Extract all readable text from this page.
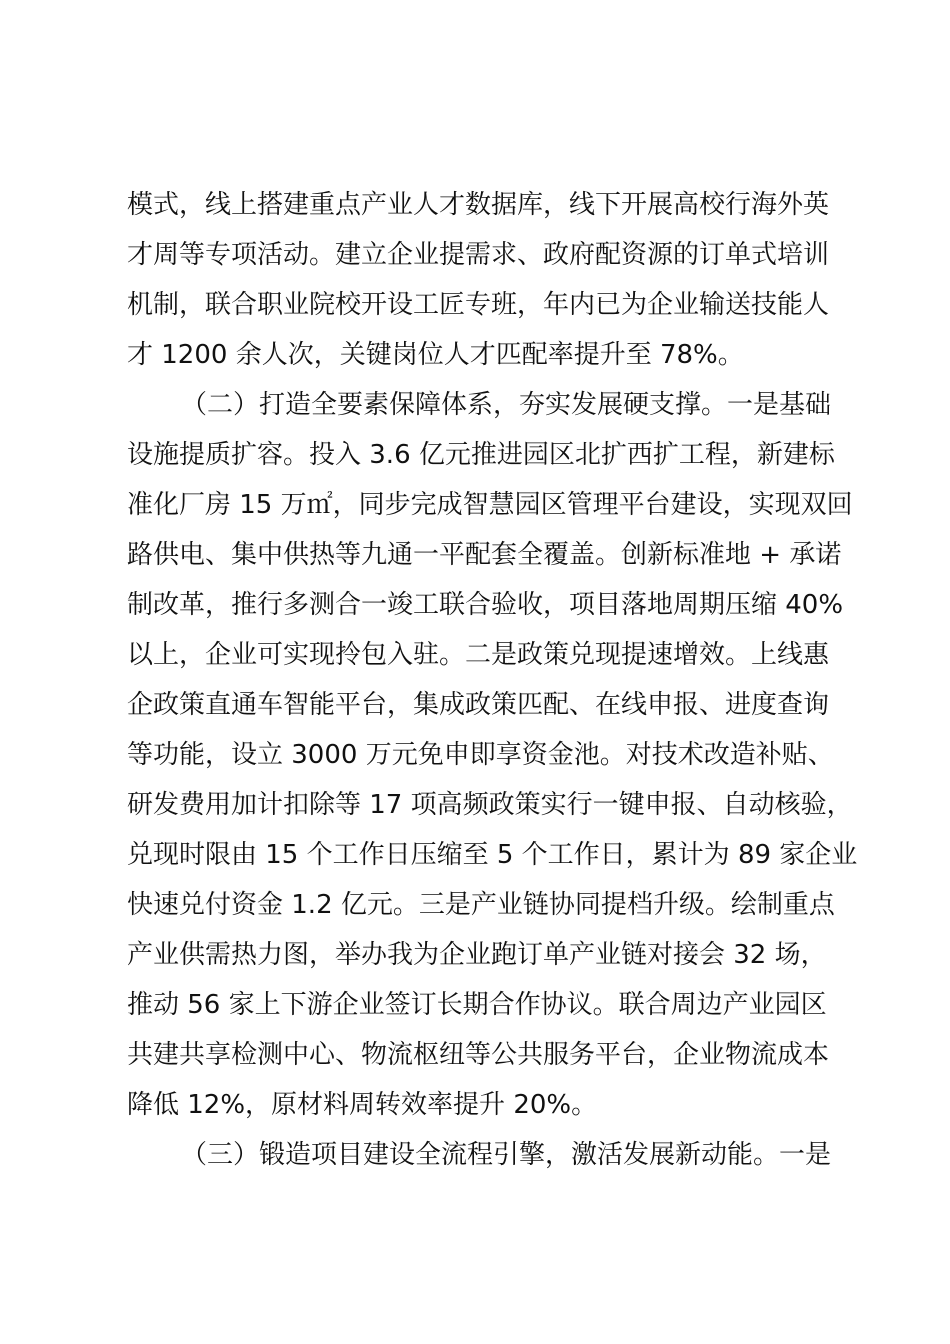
模式，线上搭建重点产业人才数据库，线下开展高校行海外英
才周等专项活动。建立企业提需求、政府配资源的订单式培训
机制，联合职业院校开设工匠专班，年内已为企业输送技能人
才 1200 余人次，关键岗位人才匹配率提升至 78%。
（二）打造全要素保障体系，夯实发展硬支撑。一是基础
设施提质扩容。投入 3.6 亿元推进园区北扩西扩工程，新建标
准化厂房 15 万㎡，同步完成智慧园区管理平台建设，实现双回
路供电、集中供热等九通一平配套全覆盖。创新标准地 + 承诺
制改革，推行多测合一竣工联合验收，项目落地周期压缩 40%
以上，企业可实现拎包入驻。二是政策兑现提速增效。上线惠
企政策直通车智能平台，集成政策匹配、在线申报、进度查询
等功能，设立 3000 万元免申即享资金池。对技术改造补贴、
研发费用加计扣除等 17 项高频政策实行一键申报、自动核验，
兑现时限由 15 个工作日压缩至 5 个工作日，累计为 89 家企业
快速兑付资金 1.2 亿元。三是产业链协同提档升级。绘制重点
产业供需热力图，举办我为企业跑订单产业链对接会 32 场，
推动 56 家上下游企业签订长期合作协议。联合周边产业园区
共建共享检测中心、物流枢纽等公共服务平台，企业物流成本
降低 12%，原材料周转效率提升 20%。
（三）锻造项目建设全流程引擎，激活发展新动能。一是
